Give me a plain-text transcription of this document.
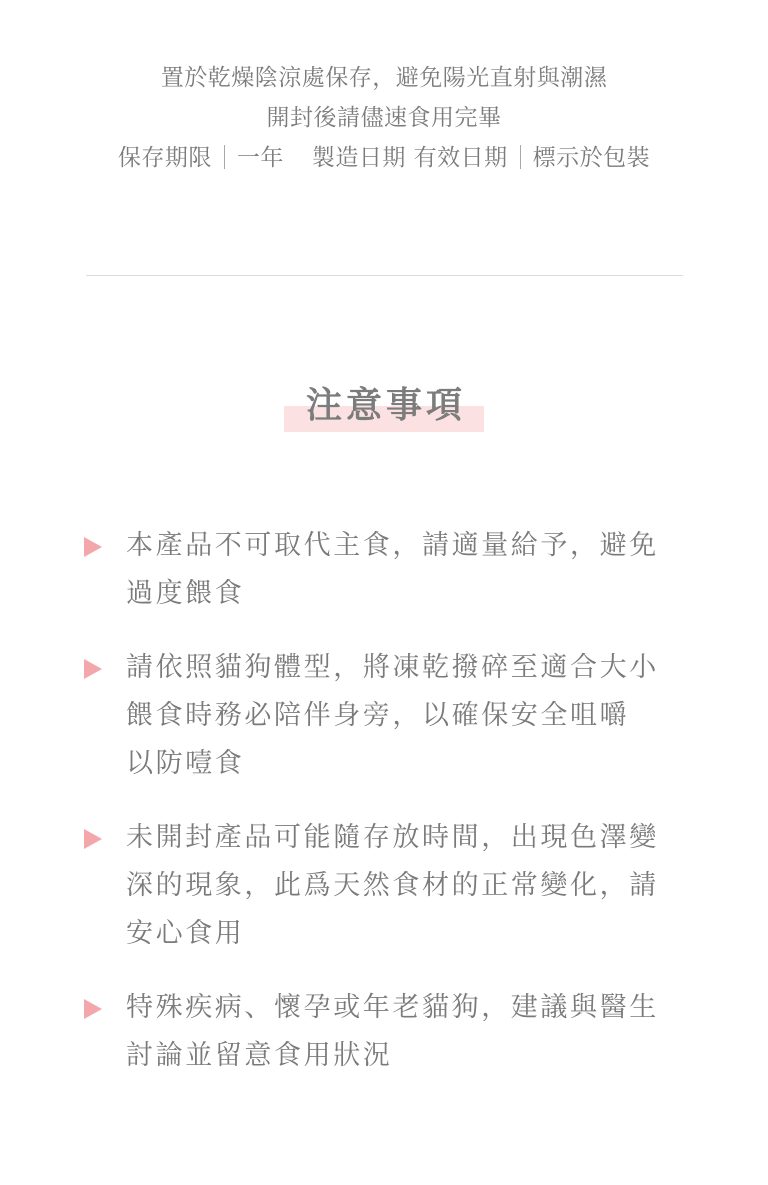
置於乾燥陰涼處保存，避免陽光直射與潮濕
開封後請儘速食用完畢
保存期限 一年 製造日期 有效日期 標示於包裝
注意事項
本產品不可取代主食，請適量給予，避免
過度餵食
請依照貓狗體型，將凍乾撥碎至適合大小
餵食時務必陪伴身旁，以確保安全咀嚼
以防噎食
未開封產品可能隨存放時間，出現色澤變
深的現象，此爲天然食材的正常變化，請
安心食用
特殊疾病、懷孕或年老貓狗，建議與醫生
討論並留意食用狀況
